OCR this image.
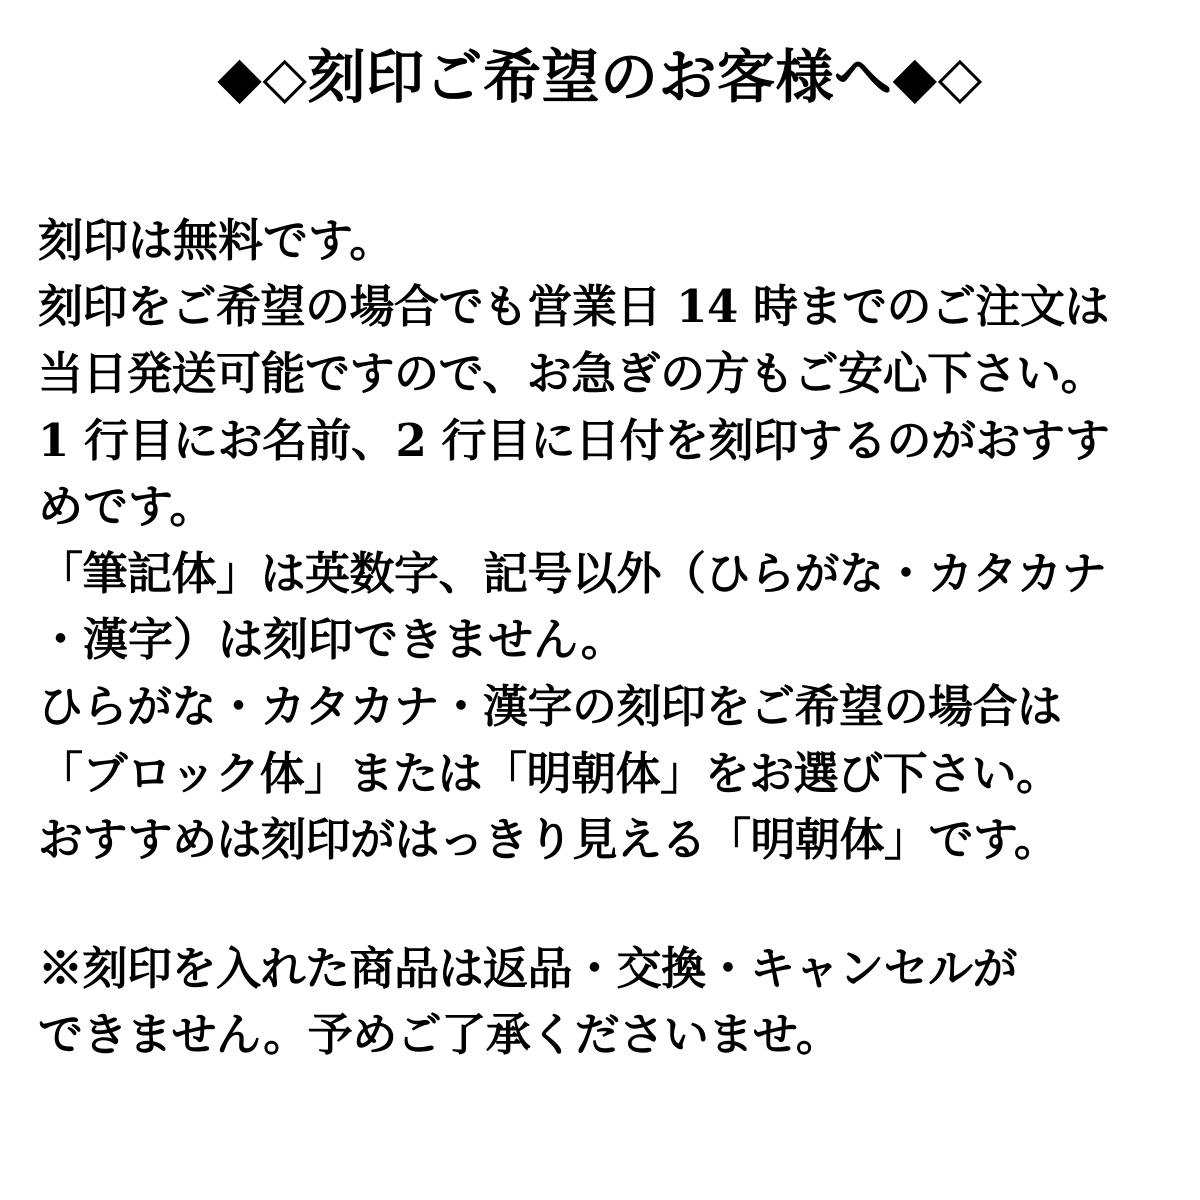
◆◇刻印ご希望のお客様へ◆◇
刻印は無料です。
刻印をご希望の場合でも営業日 14 時までのご注文は
当日発送可能ですので、お急ぎの方もご安心下さい。
1 行目にお名前、2 行目に日付を刻印するのがおすす
めです。
「筆記体」は英数字、記号以外（ひらがな・カタカナ
・漢字）は刻印できません。
ひらがな・カタカナ・漢字の刻印をご希望の場合は
「ブロック体」または「明朝体」をお選び下さい。
おすすめは刻印がはっきり見える「明朝体」です。
※刻印を入れた商品は返品・交換・キャンセルが
できません。予めご了承くださいませ。
